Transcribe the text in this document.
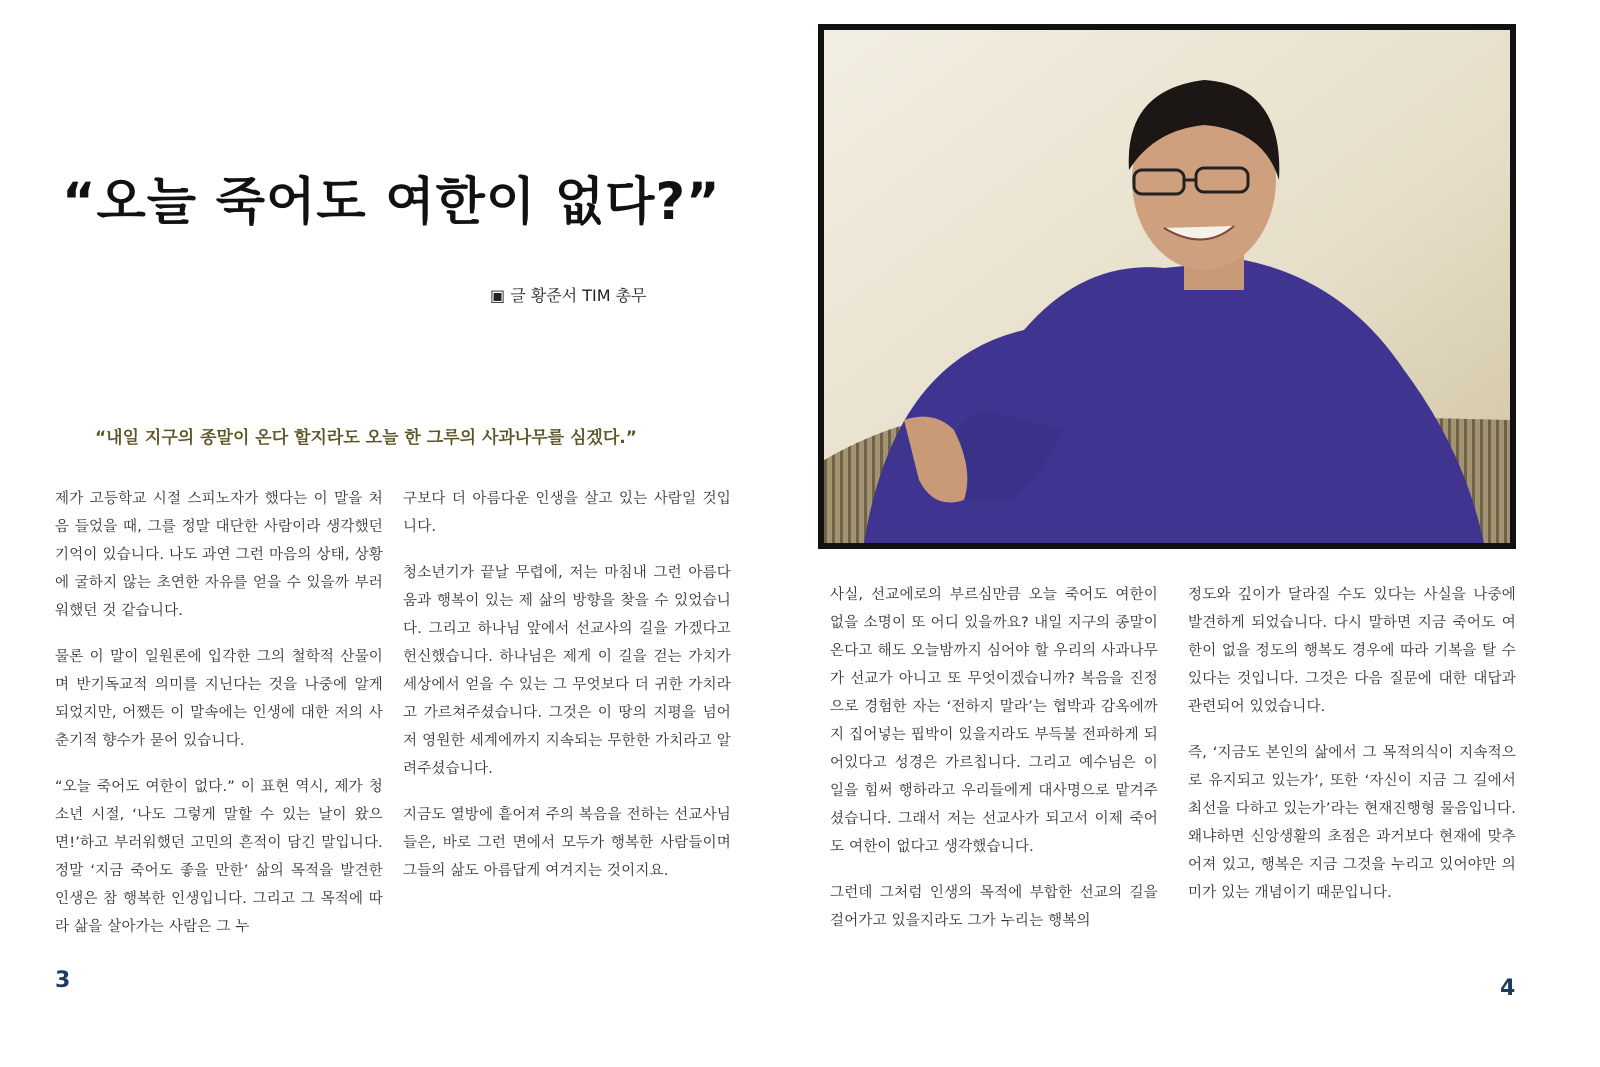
“오늘 죽어도 여한이 없다?”
▣ 글 황준서 TIM 총무
“내일 지구의 종말이 온다 할지라도 오늘 한 그루의 사과나무를 심겠다.”

제가 고등학교 시절 스피노자가 했다는 이 말을 처음 들었을 때, 그를 정말 대단한 사람이라 생각했던 기억이 있습니다. 나도 과연 그런 마음의 상태, 상황에 굴하지 않는 초연한 자유를 얻을 수 있을까 부러워했던 것 같습니다.

물론 이 말이 일원론에 입각한 그의 철학적 산물이며 반기독교적 의미를 지닌다는 것을 나중에 알게 되었지만, 어쨌든 이 말속에는 인생에 대한 저의 사춘기적 향수가 묻어 있습니다.

“오늘 죽어도 여한이 없다.” 이 표현 역시, 제가 청소년 시절, ‘나도 그렇게 말할 수 있는 날이 왔으면!’하고 부러워했던 고민의 흔적이 담긴 말입니다. 정말 ‘지금 죽어도 좋을 만한’ 삶의 목적을 발견한 인생은 참 행복한 인생입니다. 그리고 그 목적에 따라 삶을 살아가는 사람은 그 누

구보다 더 아름다운 인생을 살고 있는 사람일 것입니다.

청소년기가 끝날 무렵에, 저는 마침내 그런 아름다움과 행복이 있는 제 삶의 방향을 찾을 수 있었습니다. 그리고 하나님 앞에서 선교사의 길을 가겠다고 헌신했습니다. 하나님은 제게 이 길을 걷는 가치가 세상에서 얻을 수 있는 그 무엇보다 더 귀한 가치라고 가르쳐주셨습니다. 그것은 이 땅의 지평을 넘어 저 영원한 세계에까지 지속되는 무한한 가치라고 알려주셨습니다.

지금도 열방에 흩어져 주의 복음을 전하는 선교사님들은, 바로 그런 면에서 모두가 행복한 사람들이며 그들의 삶도 아름답게 여겨지는 것이지요.

3

사실, 선교에로의 부르심만큼 오늘 죽어도 여한이 없을 소명이 또 어디 있을까요? 내일 지구의 종말이 온다고 해도 오늘밤까지 심어야 할 우리의 사과나무가 선교가 아니고 또 무엇이겠습니까? 복음을 진정으로 경험한 자는 ‘전하지 말라’는 협박과 감옥에까지 집어넣는 핍박이 있을지라도 부득불 전파하게 되어있다고 성경은 가르칩니다. 그리고 예수님은 이 일을 힘써 행하라고 우리들에게 대사명으로 맡겨주셨습니다. 그래서 저는 선교사가 되고서 이제 죽어도 여한이 없다고 생각했습니다.

그런데 그처럼 인생의 목적에 부합한 선교의 길을 걸어가고 있을지라도 그가 누리는 행복의

정도와 깊이가 달라질 수도 있다는 사실을 나중에 발견하게 되었습니다. 다시 말하면 지금 죽어도 여한이 없을 정도의 행복도 경우에 따라 기복을 탈 수 있다는 것입니다. 그것은 다음 질문에 대한 대답과 관련되어 있었습니다.

즉, ‘지금도 본인의 삶에서 그 목적의식이 지속적으로 유지되고 있는가’, 또한 ‘자신이 지금 그 길에서 최선을 다하고 있는가’라는 현재진행형 물음입니다. 왜냐하면 신앙생활의 초점은 과거보다 현재에 맞추어져 있고, 행복은 지금 그것을 누리고 있어야만 의미가 있는 개념이기 때문입니다.

4
